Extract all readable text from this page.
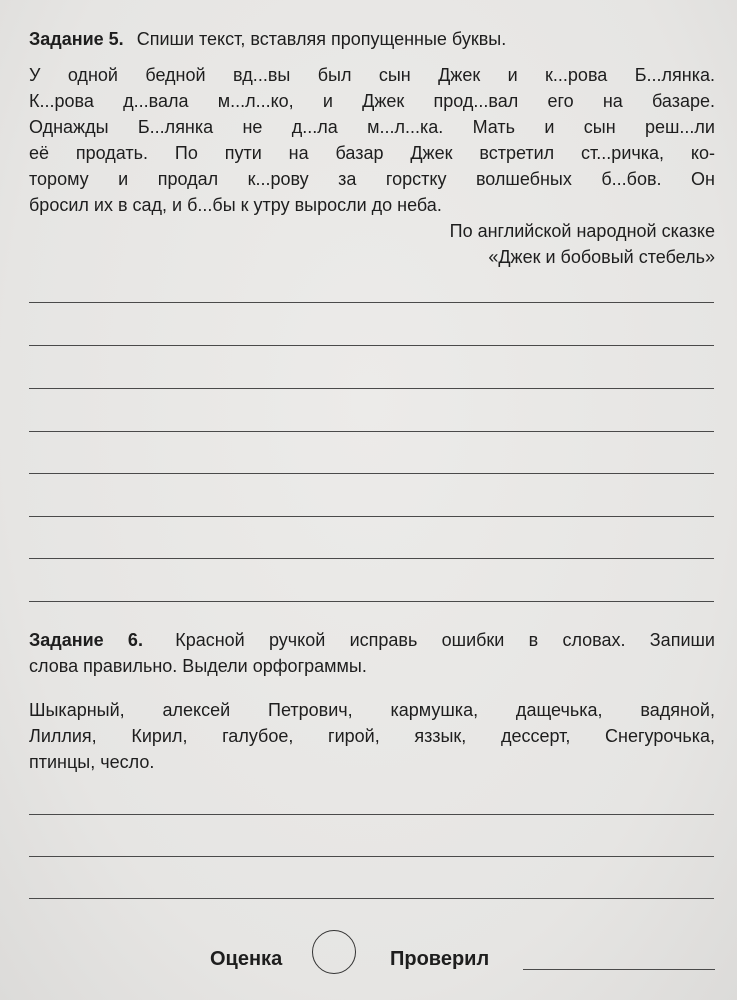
Задание 5. Спиши текст, вставляя пропущенные буквы.

У одной бедной вд...вы был сын Джек и к...рова Б...лянка.
К...рова д...вала м...л...ко, и Джек прод...вал его на базаре.
Однажды Б...лянка не д...ла м...л...ка. Мать и сын реш...ли
её продать. По пути на базар Джек встретил ст...ричка, ко-
торому и продал к...рову за горстку волшебных б...бов. Он
бросил их в сад, и б...бы к утру выросли до неба.

По английской народной сказке

«Джек и бобовый стебель»

Задание 6. Красной ручкой исправь ошибки в словах. Запиши

слова правильно. Выдели орфограммы.

Шыкарный, алексей Петрович, кармушка, дащечька, вадяной,
Лиллия, Кирил, галубое, гирой, яззык, дессерт, Снегурочька,
птинцы, чесло.
Оценка	Проверил
